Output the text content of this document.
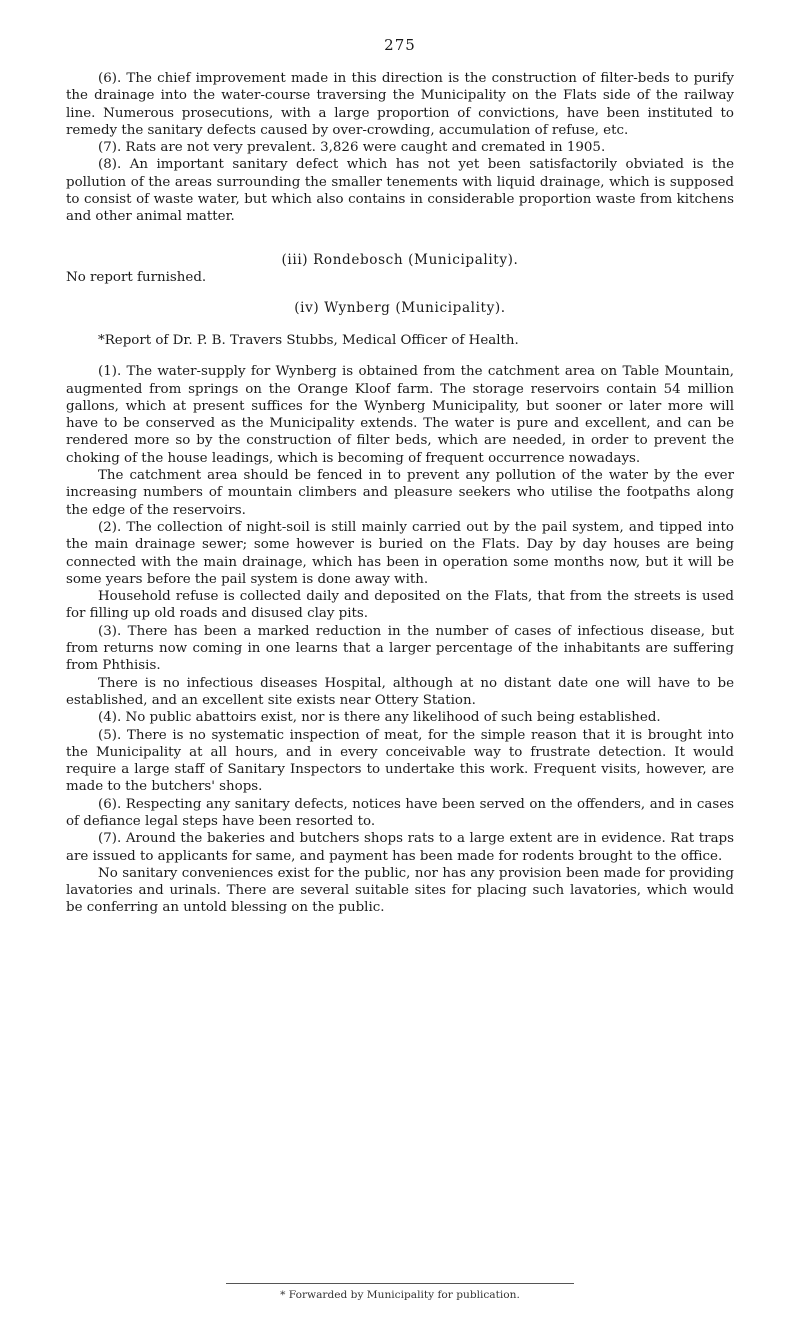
275

(6). The chief improvement made in this direction is the construction of filter-beds to purify the drainage into the water-course traversing the Municipality on the Flats side of the railway line. Numerous prosecutions, with a large proportion of convictions, have been instituted to remedy the sanitary defects caused by over-crowding, accumulation of refuse, etc.

(7). Rats are not very prevalent. 3,826 were caught and cremated in 1905.

(8). An important sanitary defect which has not yet been satisfactorily obviated is the pollution of the areas surrounding the smaller tenements with liquid drainage, which is supposed to consist of waste water, but which also contains in considerable proportion waste from kitchens and other animal matter.

(iii) Rondebosch (Municipality).

No report furnished.

(iv) Wynberg (Municipality).

*Report of Dr. P. B. Travers Stubbs, Medical Officer of Health.

(1). The water-supply for Wynberg is obtained from the catchment area on Table Mountain, augmented from springs on the Orange Kloof farm. The storage reservoirs contain 54 million gallons, which at present suffices for the Wynberg Municipality, but sooner or later more will have to be conserved as the Municipality extends. The water is pure and excellent, and can be rendered more so by the construction of filter beds, which are needed, in order to prevent the choking of the house leadings, which is becoming of frequent occurrence nowadays.

The catchment area should be fenced in to prevent any pollution of the water by the ever increasing numbers of mountain climbers and pleasure seekers who utilise the footpaths along the edge of the reservoirs.

(2). The collection of night-soil is still mainly carried out by the pail system, and tipped into the main drainage sewer; some however is buried on the Flats. Day by day houses are being connected with the main drainage, which has been in operation some months now, but it will be some years before the pail system is done away with.

Household refuse is collected daily and deposited on the Flats, that from the streets is used for filling up old roads and disused clay pits.

(3). There has been a marked reduction in the number of cases of infectious disease, but from returns now coming in one learns that a larger percentage of the inhabitants are suffering from Phthisis.

There is no infectious diseases Hospital, although at no distant date one will have to be established, and an excellent site exists near Ottery Station.

(4). No public abattoirs exist, nor is there any likelihood of such being established.

(5). There is no systematic inspection of meat, for the simple reason that it is brought into the Municipality at all hours, and in every conceivable way to frustrate detection. It would require a large staff of Sanitary Inspectors to undertake this work. Frequent visits, however, are made to the butchers' shops.

(6). Respecting any sanitary defects, notices have been served on the offenders, and in cases of defiance legal steps have been resorted to.

(7). Around the bakeries and butchers shops rats to a large extent are in evidence. Rat traps are issued to applicants for same, and payment has been made for rodents brought to the office.

No sanitary conveniences exist for the public, nor has any provision been made for providing lavatories and urinals. There are several suitable sites for placing such lavatories, which would be conferring an untold blessing on the public.

* Forwarded by Municipality for publication.
